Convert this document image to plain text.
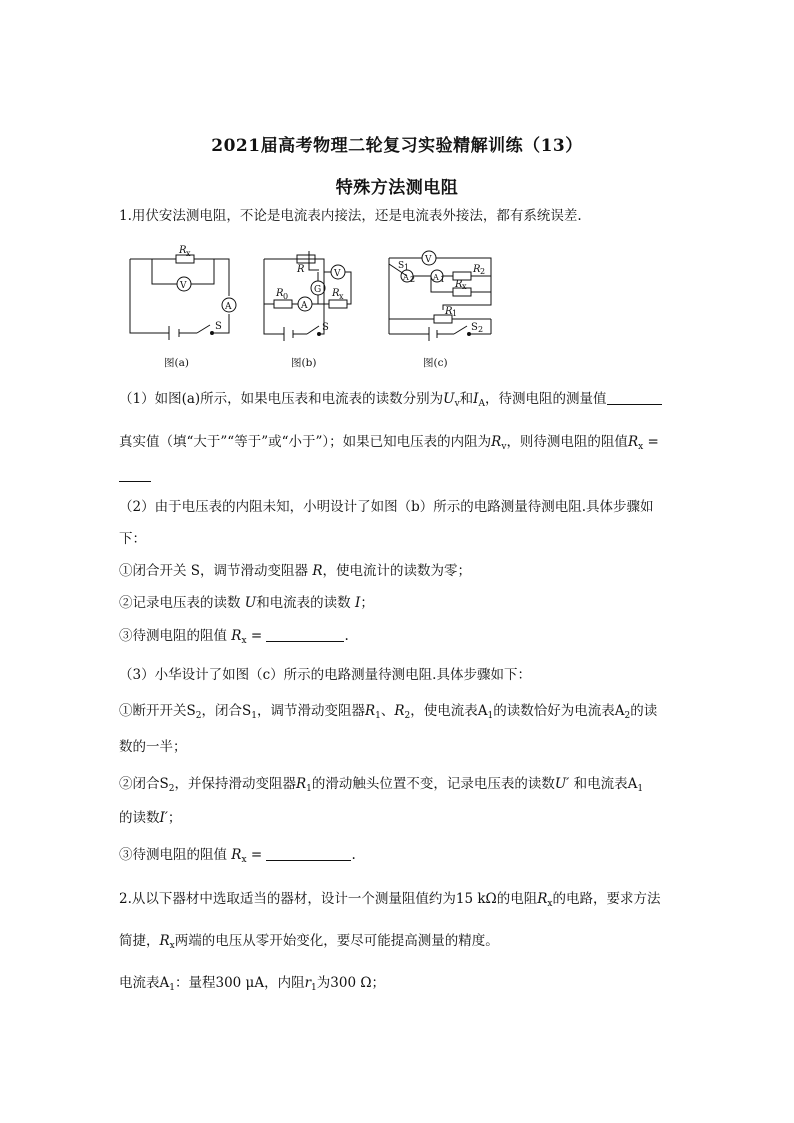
2021届高考物理二轮复习实验精解训练（13）
特殊方法测电阻
1.用伏安法测电阻，不论是电流表内接法，还是电流表外接法，都有系统误差.
R
V
A
S
R	V
G
R
A
R
S
V
S
A	A
R
R
R
S
x
0	x
1
2	1
2
x
1
2
图(a)	图(b)	图(c)
（1）如图(a)所示，如果电压表和电流表的读数分别为$U_v$和$I_A$，待测电阻的测量值
真实值（填“大于”“等于”或“小于”）；如果已知电压表的内阻为$R_v$，则待测电阻的阻值$R_x$ =
（2）由于电压表的内阻未知，小明设计了如图（b）所示的电路测量待测电阻.具体步骤如
下：
①闭合开关 S，调节滑动变阻器 R，使电流计的读数为零；
②记录电压表的读数 U和电流表的读数 I；
③待测电阻的阻值 $R_x$ =	.
（3）小华设计了如图（c）所示的电路测量待测电阻.具体步骤如下：
①断开开关$S_2$，闭合$S_1$，调节滑动变阻器$R_1$、$R_2$，使电流表$A_1$的读数恰好为电流表$A_2$的读
数的一半；
②闭合$S_2$，并保持滑动变阻器$R_1$的滑动触头位置不变，记录电压表的读数U′ 和电流表$A_1$
的读数I′；
③待测电阻的阻值 $R_x$ =	.
2.从以下器材中选取适当的器材，设计一个测量阻值约为15 kΩ的电阻$R_x$的电路，要求方法
简捷，$R_x$两端的电压从零开始变化，要尽可能提高测量的精度。
电流表$A_1$：量程300 μA，内阻$r_1$为300 Ω；
